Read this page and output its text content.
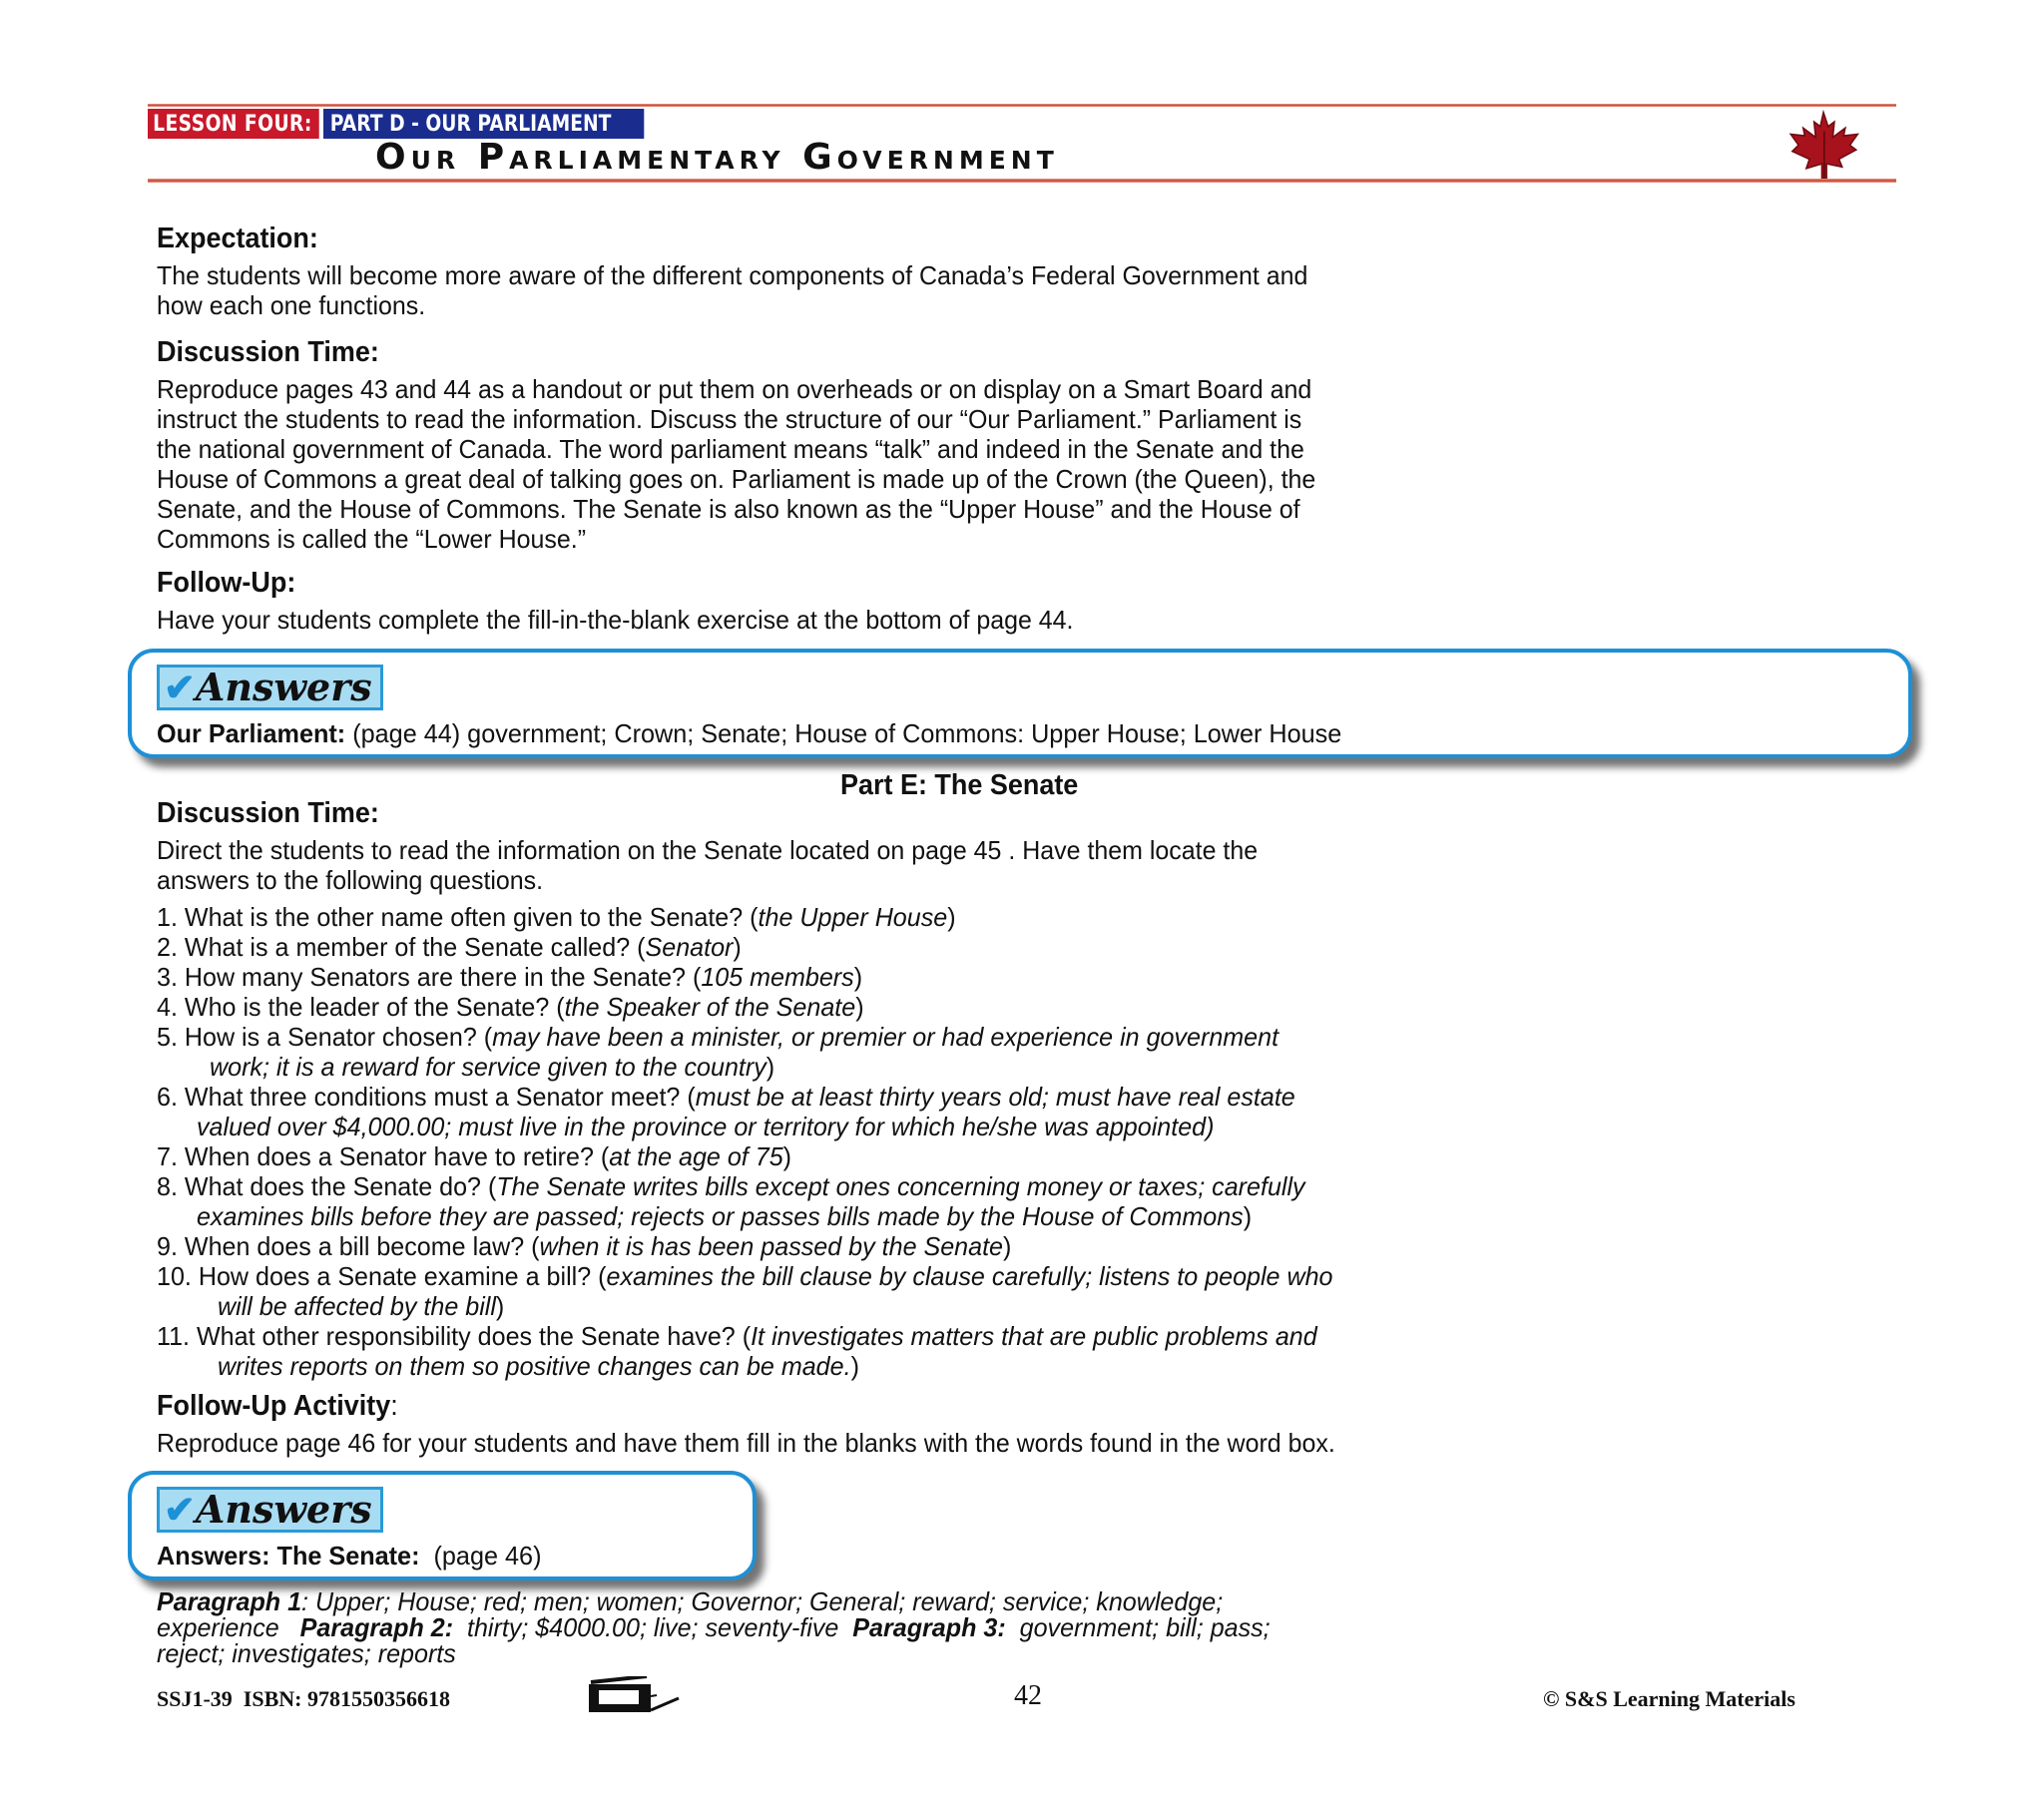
LESSON FOUR: PART D - OUR PARLIAMENT
Our Parliamentary Government
Expectation:
The students will become more aware of the different components of Canada’s Federal Government and
how each one functions.
Discussion Time:
Reproduce pages 43 and 44 as a handout or put them on overheads or on display on a Smart Board and
instruct the students to read the information. Discuss the structure of our “Our Parliament.” Parliament is
the national government of Canada. The word parliament means “talk” and indeed in the Senate and the
House of Commons a great deal of talking goes on. Parliament is made up of the Crown (the Queen), the
Senate, and the House of Commons. The Senate is also known as the “Upper House” and the House of
Commons is called the “Lower House.”
Follow-Up:
Have your students complete the fill-in-the-blank exercise at the bottom of page 44.
✔Answers
Our Parliament: (page 44) government; Crown; Senate; House of Commons: Upper House; Lower House
Part E: The Senate
Discussion Time:
Direct the students to read the information on the Senate located on page 45 . Have them locate the
answers to the following questions.
1. What is the other name often given to the Senate? (the Upper House)
2. What is a member of the Senate called? (Senator)
3. How many Senators are there in the Senate? (105 members)
4. Who is the leader of the Senate? (the Speaker of the Senate)
5. How is a Senator chosen? (may have been a minister, or premier or had experience in government
work; it is a reward for service given to the country)
6. What three conditions must a Senator meet? (must be at least thirty years old; must have real estate
valued over $4,000.00; must live in the province or territory for which he/she was appointed)
7. When does a Senator have to retire? (at the age of 75)
8. What does the Senate do? (The Senate writes bills except ones concerning money or taxes; carefully
examines bills before they are passed; rejects or passes bills made by the House of Commons)
9. When does a bill become law? (when it is has been passed by the Senate)
10. How does a Senate examine a bill? (examines the bill clause by clause carefully; listens to people who
will be affected by the bill)
11. What other responsibility does the Senate have? (It investigates matters that are public problems and
writes reports on them so positive changes can be made.)
Follow-Up Activity:
Reproduce page 46 for your students and have them fill in the blanks with the words found in the word box.
✔Answers
Answers: The Senate:  (page 46)
Paragraph 1: Upper; House; red; men; women; Governor; General; reward; service; knowledge;
experience Paragraph 2:  thirty; $4000.00; live; seventy-five Paragraph 3:  government; bill; pass;
reject; investigates; reports
SSJ1-39  ISBN: 9781550356618	42	© S&S Learning Materials
